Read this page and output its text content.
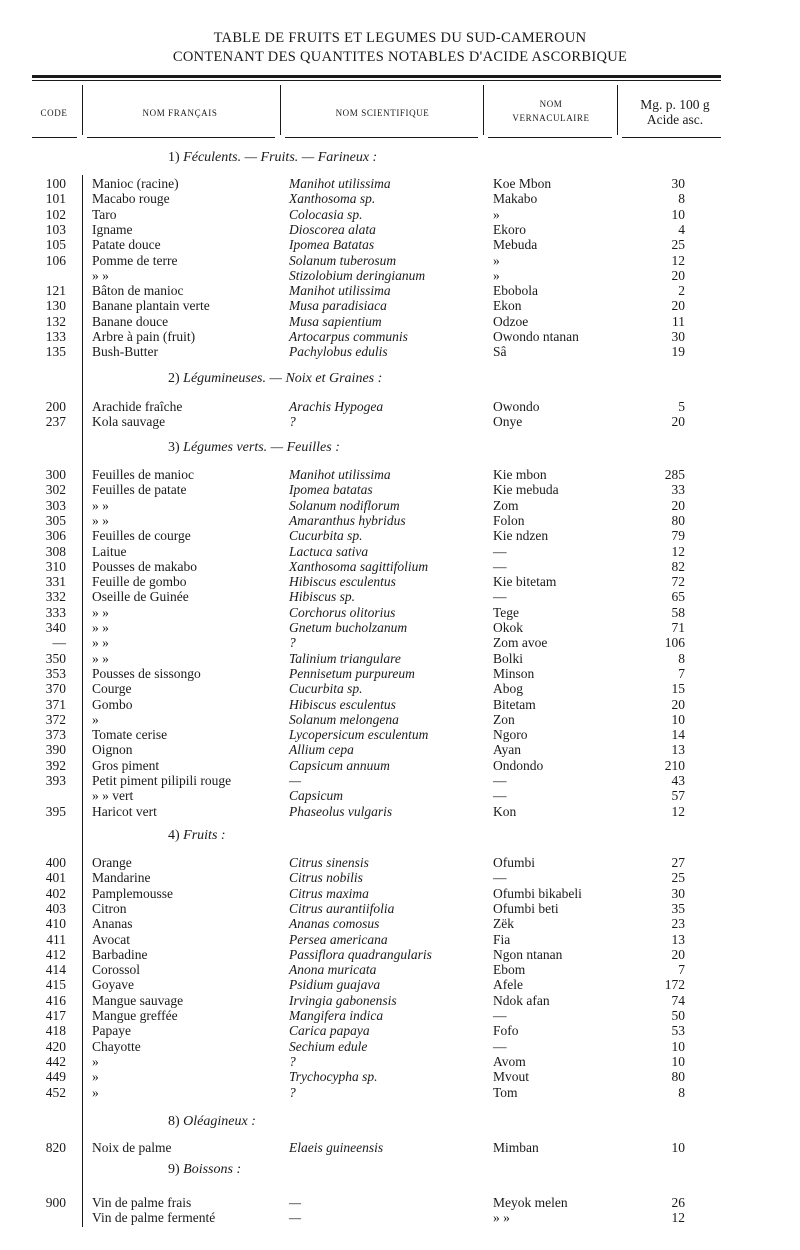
TABLE DE FRUITS ET LEGUMES DU SUD-CAMEROUN
CONTENANT DES QUANTITES NOTABLES D'ACIDE ASCORBIQUE
CODE	NOM FRANÇAIS	NOM SCIENTIFIQUE
NOM
VERNACULAIRE
Mg. p. 100 g
Acide asc.
1) Féculents. — Fruits. — Farineux :
100 Manioc (racine)	Manihot utilissima	Koe Mbon	30
101 Macabo rouge	Xanthosoma sp.	Makabo	8
102 Taro	Colocasia sp.	»	10
103 Igname	Dioscorea alata	Ekoro	4
105 Patate douce	Ipomea Batatas	Mebuda	25
106 Pomme de terre	Solanum tuberosum	»	12
» »	Stizolobium deringianum	»	20
121 Bâton de manioc	Manihot utilissima	Ebobola	2
130 Banane plantain verte	Musa paradisiaca	Ekon	20
132 Banane douce	Musa sapientium	Odzoe	11
133 Arbre à pain (fruit)	Artocarpus communis	Owondo ntanan	30
135 Bush-Butter	Pachylobus edulis	Sâ	19
2) Légumineuses. — Noix et Graines :
200 Arachide fraîche	Arachis Hypogea	Owondo	5
237 Kola sauvage	?	Onye	20
3) Légumes verts. — Feuilles :
300 Feuilles de manioc	Manihot utilissima	Kie mbon	285
302 Feuilles de patate	Ipomea batatas	Kie mebuda	33
303 » »	Solanum nodiflorum	Zom	20
305 » »	Amaranthus hybridus	Folon	80
306 Feuilles de courge	Cucurbita sp.	Kie ndzen	79
308 Laitue	Lactuca sativa	—	12
310 Pousses de makabo	Xanthosoma sagittifolium	—	82
331 Feuille de gombo	Hibiscus esculentus	Kie bitetam	72
332 Oseille de Guinée	Hibiscus sp.	—	65
333 » »	Corchorus olitorius	Tege	58
340 » »	Gnetum bucholzanum	Okok	71
— » »	?	Zom avoe	106
350 » »	Talinium triangulare	Bolki	8
353 Pousses de sissongo	Pennisetum purpureum	Minson	7
370 Courge	Cucurbita sp.	Abog	15
371 Gombo	Hibiscus esculentus	Bitetam	20
372 »	Solanum melongena	Zon	10
373 Tomate cerise	Lycopersicum esculentum	Ngoro	14
390 Oignon	Allium cepa	Ayan	13
392 Gros piment	Capsicum annuum	Ondondo	210
393 Petit piment pilipili rouge	—	—	43
» » vert	Capsicum	—	57
395 Haricot vert	Phaseolus vulgaris	Kon	12
4) Fruits :
400 Orange	Citrus sinensis	Ofumbi	27
401 Mandarine	Citrus nobilis	—	25
402 Pamplemousse	Citrus maxima	Ofumbi bikabeli	30
403 Citron	Citrus aurantiifolia	Ofumbi beti	35
410 Ananas	Ananas comosus	Zëk	23
411 Avocat	Persea americana	Fia	13
412 Barbadine	Passiflora quadrangularis	Ngon ntanan	20
414 Corossol	Anona muricata	Ebom	7
415 Goyave	Psidium guajava	Afele	172
416 Mangue sauvage	Irvingia gabonensis	Ndok afan	74
417 Mangue greffée	Mangifera indica	—	50
418 Papaye	Carica papaya	Fofo	53
420 Chayotte	Sechium edule	—	10
442 »	?	Avom	10
449 »	Trychocypha sp.	Mvout	80
452 »	?	Tom	8
8) Oléagineux :
820 Noix de palme	Elaeis guineensis	Mimban	10
9) Boissons :
900 Vin de palme frais	—	Meyok melen	26
Vin de palme fermenté	—	» »	12
